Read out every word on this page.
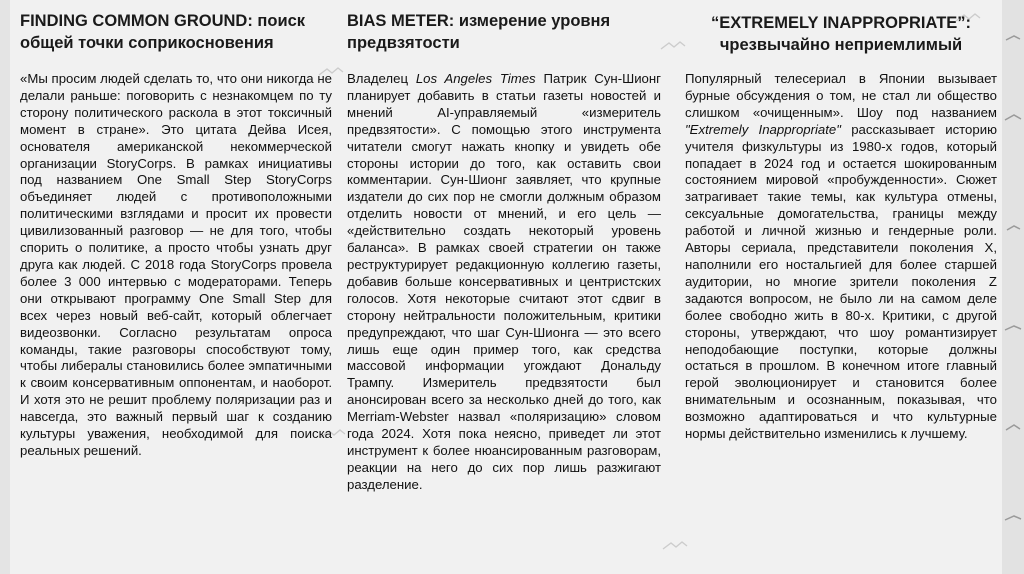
FINDING COMMON GROUND: поиск общей точки соприкосновения

«Мы просим людей сделать то, что они никогда не делали раньше: поговорить с незнакомцем по ту сторону политического раскола в этот токсичный момент в стране». Это цитата Дейва Исея, основателя американской некоммерческой организации StoryCorps. В рамках инициативы под названием One Small Step StoryCorps объединяет людей с противоположными политическими взглядами и просит их провести цивилизованный разговор — не для того, чтобы спорить о политике, а просто чтобы узнать друг друга как людей. С 2018 года StoryCorps провела более 3 000 интервью с модераторами. Теперь они открывают программу One Small Step для всех через новый веб-сайт, который облегчает видеозвонки. Согласно результатам опроса команды, такие разговоры способствуют тому, чтобы либералы становились более эмпатичными к своим консервативным оппонентам, и наоборот. И хотя это не решит проблему поляризации раз и навсегда, это важный первый шаг к созданию культуры уважения, необходимой для поиска реальных решений.

BIAS METER: измерение уровня предвзятости

Владелец Los Angeles Times Патрик Сун-Шионг планирует добавить в статьи газеты новостей и мнений AI-управляемый «измеритель предвзятости». С помощью этого инструмента читатели смогут нажать кнопку и увидеть обе стороны истории до того, как оставить свои комментарии. Сун-Шионг заявляет, что крупные издатели до сих пор не смогли должным образом отделить новости от мнений, и его цель — «действительно создать некоторый уровень баланса». В рамках своей стратегии он также реструктурирует редакционную коллегию газеты, добавив больше консервативных и центристских голосов. Хотя некоторые считают этот сдвиг в сторону нейтральности положительным, критики предупреждают, что шаг Сун-Шионга — это всего лишь еще один пример того, как средства массовой информации угождают Дональду Трампу. Измеритель предвзятости был анонсирован всего за несколько дней до того, как Merriam-Webster назвал «поляризацию» словом года 2024. Хотя пока неясно, приведет ли этот инструмент к более нюансированным разговорам, реакции на него до сих пор лишь разжигают разделение.

“EXTREMELY INAPPROPRIATE”: чрезвычайно неприемлимый

Популярный телесериал в Японии вызывает бурные обсуждения о том, не стал ли общество слишком «очищенным». Шоу под названием "Extremely Inappropriate" рассказывает историю учителя физкультуры из 1980-х годов, который попадает в 2024 год и остается шокированным состоянием мировой «пробужденности». Сюжет затрагивает такие темы, как культура отмены, сексуальные домогательства, границы между работой и личной жизнью и гендерные роли. Авторы сериала, представители поколения X, наполнили его ностальгией для более старшей аудитории, но многие зрители поколения Z задаются вопросом, не было ли на самом деле более свободно жить в 80-х. Критики, с другой стороны, утверждают, что шоу романтизирует неподобающие поступки, которые должны остаться в прошлом. В конечном итоге главный герой эволюционирует и становится более внимательным и осознанным, показывая, что возможно адаптироваться и что культурные нормы действительно изменились к лучшему.
